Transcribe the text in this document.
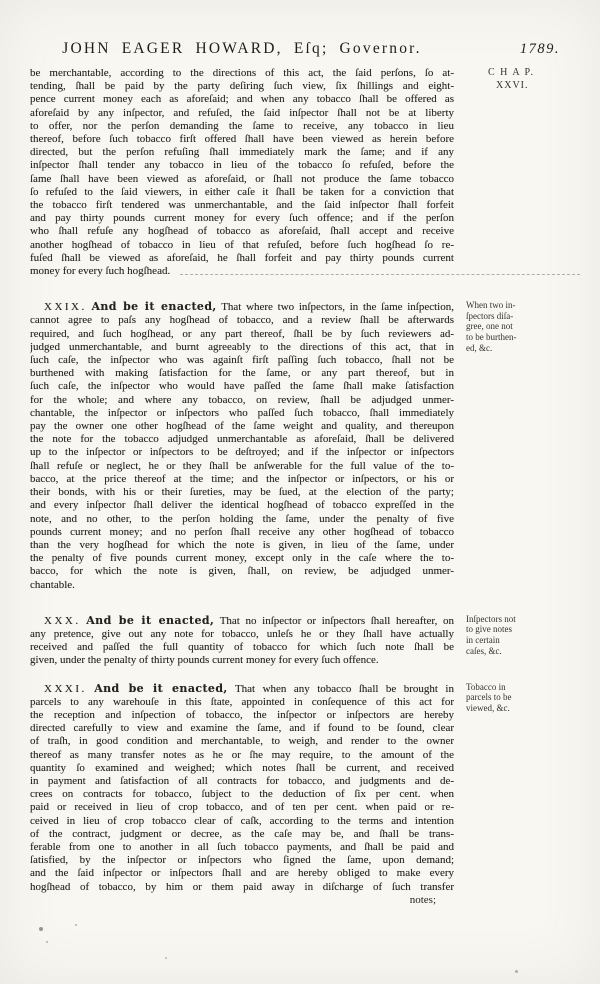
JOHN EAGER HOWARD, Eſq; Governor.	1789.
be merchantable, according to the directions of this act, the ſaid perſons, ſo at-
tending, ſhall be paid by the party deſiring ſuch view, ſix ſhillings and eight-
pence current money each as aforeſaid; and when any tobacco ſhall be offered as
aforeſaid by any inſpector, and refuſed, the ſaid inſpector ſhall not be at liberty
to offer, nor the perſon demanding the ſame to receive, any tobacco in lieu
thereof, before ſuch tobacco firſt offered ſhall have been viewed as herein before
directed, but the perſon refuſing ſhall immediately mark the ſame; and if any
inſpector ſhall tender any tobacco in lieu of the tobacco ſo refuſed, before the
ſame ſhall have been viewed as aforeſaid, or ſhall not produce the ſame tobacco
ſo refuſed to the ſaid viewers, in either caſe it ſhall be taken for a conviction that
the tobacco firſt tendered was unmerchantable, and the ſaid inſpector ſhall forfeit
and pay thirty pounds current money for every ſuch offence; and if the perſon
who ſhall refuſe any hogſhead of tobacco as aforeſaid, ſhall accept and receive
another hogſhead of tobacco in lieu of that refuſed, before ſuch hogſhead ſo re-
fuſed ſhall be viewed as aforeſaid, he ſhall forfeit and pay thirty pounds current
money for every ſuch hogſhead.
C H A P.
XXVI.
XXIX. And be it enacted, That where two inſpectors, in the ſame inſpection,
cannot agree to paſs any hogſhead of tobacco, and a review ſhall be afterwards
required, and ſuch hogſhead, or any part thereof, ſhall be by ſuch reviewers ad-
judged unmerchantable, and burnt agreeably to the directions of this act, that in
ſuch caſe, the inſpector who was againſt firſt paſſing ſuch tobacco, ſhall not be
burthened with making ſatisfaction for the ſame, or any part thereof, but in
ſuch caſe, the inſpector who would have paſſed the ſame ſhall make ſatisfaction
for the whole; and where any tobacco, on review, ſhall be adjudged unmer-
chantable, the inſpector or inſpectors who paſſed ſuch tobacco, ſhall immediately
pay the owner one other hogſhead of the ſame weight and quality, and thereupon
the note for the tobacco adjudged unmerchantable as aforeſaid, ſhall be delivered
up to the inſpector or inſpectors to be deſtroyed; and if the inſpector or inſpectors
ſhall refuſe or neglect, he or they ſhall be anſwerable for the full value of the to-
bacco, at the price thereof at the time; and the inſpector or inſpectors, or his or
their bonds, with his or their ſureties, may be ſued, at the election of the party;
and every inſpector ſhall deliver the identical hogſhead of tobacco expreſſed in the
note, and no other, to the perſon holding the ſame, under the penalty of five
pounds current money; and no perſon ſhall receive any other hogſhead of tobacco
than the very hogſhead for which the note is given, in lieu of the ſame, under
the penalty of five pounds current money, except only in the caſe where the to-
bacco, for which the note is given, ſhall, on review, be adjudged unmer-
chantable.
When two in-
ſpectors diſa-
gree, one not
to be burthen-
ed, &c.
XXX. And be it enacted, That no inſpector or inſpectors ſhall hereafter, on
any pretence, give out any note for tobacco, unleſs he or they ſhall have actually
received and paſſed the full quantity of tobacco for which ſuch note ſhall be
given, under the penalty of thirty pounds current money for every ſuch offence.
Inſpectors not
to give notes
in certain
caſes, &c.
XXXI. And be it enacted, That when any tobacco ſhall be brought in
parcels to any warehouſe in this ſtate, appointed in conſequence of this act for
the reception and inſpection of tobacco, the inſpector or inſpectors are hereby
directed carefully to view and examine the ſame, and if found to be ſound, clear
of traſh, in good condition and merchantable, to weigh, and render to the owner
thereof as many transfer notes as he or ſhe may require, to the amount of the
quantity ſo examined and weighed; which notes ſhall be current, and received
in payment and ſatisfaction of all contracts for tobacco, and judgments and de-
crees on contracts for tobacco, ſubject to the deduction of ſix per cent. when
paid or received in lieu of crop tobacco, and of ten per cent. when paid or re-
ceived in lieu of crop tobacco clear of caſk, according to the terms and intention
of the contract, judgment or decree, as the caſe may be, and ſhall be trans-
ferable from one to another in all ſuch tobacco payments, and ſhall be paid and
ſatisfied, by the inſpector or inſpectors who ſigned the ſame, upon demand;
and the ſaid inſpector or inſpectors ſhall and are hereby obliged to make every
hogſhead of tobacco, by him or them paid away in diſcharge of ſuch transfer
Tobacco in
parcels to be
viewed, &c.
notes;
